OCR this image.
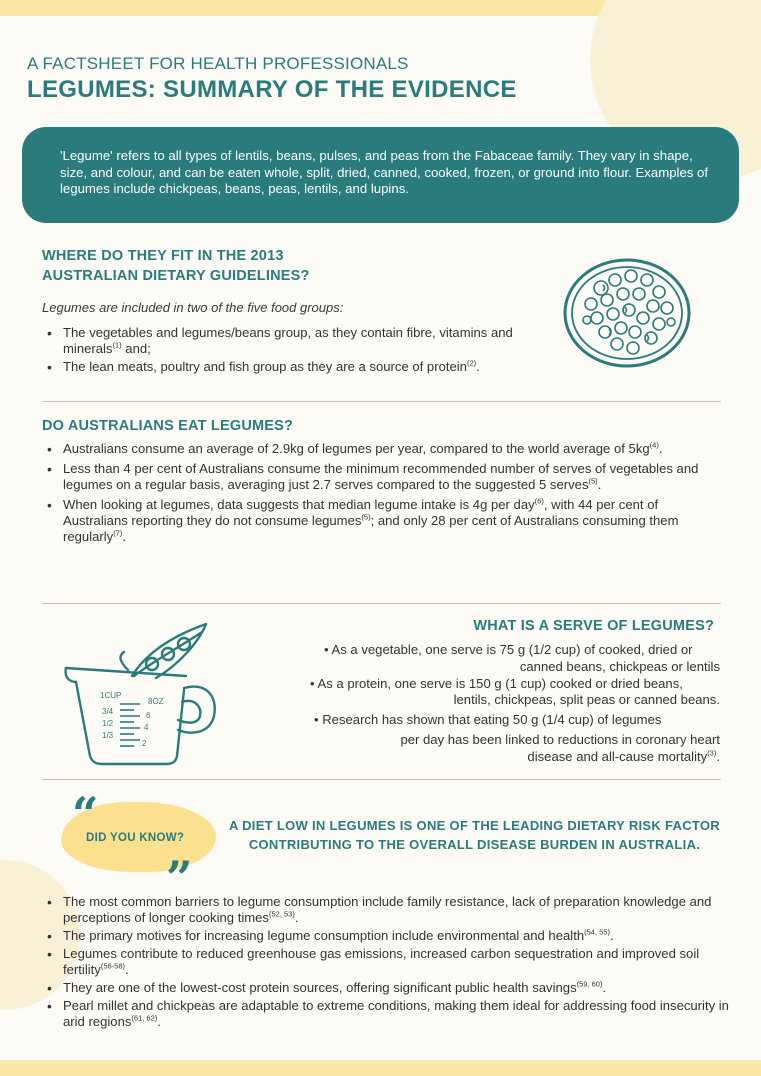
A FACTSHEET FOR HEALTH PROFESSIONALS
LEGUMES: SUMMARY OF THE EVIDENCE
'Legume' refers to all types of lentils, beans, pulses, and peas from the Fabaceae family. They vary in shape, size, and colour, and can be eaten whole, split, dried, canned, cooked, frozen, or ground into flour. Examples of legumes include chickpeas, beans, peas, lentils, and lupins.
WHERE DO THEY FIT IN THE 2013
AUSTRALIAN DIETARY GUIDELINES?
Legumes are included in two of the five food groups:
• The vegetables and legumes/beans group, as they contain fibre, vitamins and minerals$^{(1)}$ and;
• The lean meats, poultry and fish group as they are a source of protein$^{(2)}$.
DO AUSTRALIANS EAT LEGUMES?
• Australians consume an average of 2.9kg of legumes per year, compared to the world average of $5kg^{(4)}$.
• Less than 4 per cent of Australians consume the minimum recommended number of serves of vegetables and legumes on a regular basis, averaging just 2.7 serves compared to the suggested 5 serves$^{(5)}$.
• When looking at legumes, data suggests that median legume intake is 4g per day$^{(6)}$, with 44 per cent of Australians reporting they do not consume legumes$^{(5)}$; and only 28 per cent of Australians consuming them regularly$^{(7)}$.
1CUP
8OZ
3/4	6
1/2	4
1/3
2
WHAT IS A SERVE OF LEGUMES?
• As a vegetable, one serve is 75 g (1/2 cup) of cooked, dried or
canned beans, chickpeas or lentils
• As a protein, one serve is 150 g (1 cup) cooked or dried beans,
lentils, chickpeas, split peas or canned beans.
• Research has shown that eating 50 g (1/4 cup) of legumes
per day has been linked to reductions in coronary heart
disease and all-cause mortality$^{(3)}$.
“
”
DID YOU KNOW?
A DIET LOW IN LEGUMES IS ONE OF THE LEADING DIETARY RISK FACTOR
CONTRIBUTING TO THE OVERALL DISEASE BURDEN IN AUSTRALIA.
• The most common barriers to legume consumption include family resistance, lack of preparation knowledge and perceptions of longer cooking times$^{(52, 53)}$.
• The primary motives for increasing legume consumption include environmental and health$^{(54, 55)}$.
• Legumes contribute to reduced greenhouse gas emissions, increased carbon sequestration and improved soil fertility$^{(56-58)}$.
• They are one of the lowest-cost protein sources, offering significant public health savings$^{(59, 60)}$.
• Pearl millet and chickpeas are adaptable to extreme conditions, making them ideal for addressing food insecurity in arid regions$^{(61, 62)}$.
